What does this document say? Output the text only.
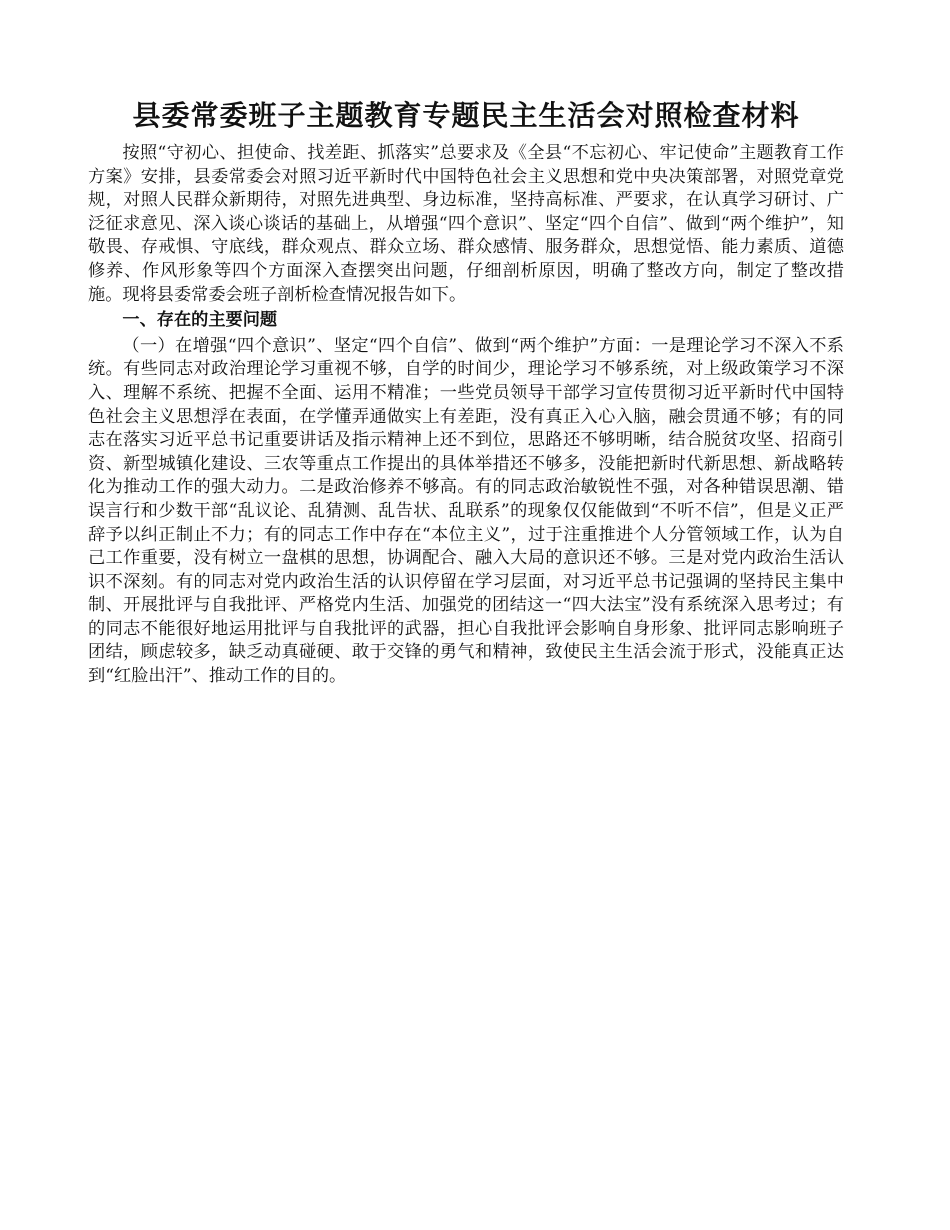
县委常委班子主题教育专题民主生活会对照检查材料

按照“守初心、担使命、找差距、抓落实”总要求及《全县“不忘初心、牢记使命”主题教育工作方案》安排，县委常委会对照习近平新时代中国特色社会主义思想和党中央决策部署，对照党章党规，对照人民群众新期待，对照先进典型、身边标准，坚持高标准、严要求，在认真学习研讨、广泛征求意见、深入谈心谈话的基础上，从增强“四个意识”、坚定“四个自信”、做到“两个维护”，知敬畏、存戒惧、守底线，群众观点、群众立场、群众感情、服务群众，思想觉悟、能力素质、道德修养、作风形象等四个方面深入查摆突出问题，仔细剖析原因，明确了整改方向，制定了整改措施。现将县委常委会班子剖析检查情况报告如下。

一、存在的主要问题

（一）在增强“四个意识”、坚定“四个自信”、做到“两个维护”方面：一是理论学习不深入不系统。有些同志对政治理论学习重视不够，自学的时间少，理论学习不够系统，对上级政策学习不深入、理解不系统、把握不全面、运用不精准；一些党员领导干部学习宣传贯彻习近平新时代中国特色社会主义思想浮在表面，在学懂弄通做实上有差距，没有真正入心入脑，融会贯通不够；有的同志在落实习近平总书记重要讲话及指示精神上还不到位，思路还不够明晰，结合脱贫攻坚、招商引资、新型城镇化建设、三农等重点工作提出的具体举措还不够多，没能把新时代新思想、新战略转化为推动工作的强大动力。二是政治修养不够高。有的同志政治敏锐性不强，对各种错误思潮、错误言行和少数干部“乱议论、乱猜测、乱告状、乱联系”的现象仅仅能做到“不听不信”，但是义正严辞予以纠正制止不力；有的同志工作中存在“本位主义”，过于注重推进个人分管领域工作，认为自己工作重要，没有树立一盘棋的思想，协调配合、融入大局的意识还不够。三是对党内政治生活认识不深刻。有的同志对党内政治生活的认识停留在学习层面，对习近平总书记强调的坚持民主集中制、开展批评与自我批评、严格党内生活、加强党的团结这一“四大法宝”没有系统深入思考过；有的同志不能很好地运用批评与自我批评的武器，担心自我批评会影响自身形象、批评同志影响班子团结，顾虑较多，缺乏动真碰硬、敢于交锋的勇气和精神，致使民主生活会流于形式，没能真正达到“红脸出汗”、推动工作的目的。
